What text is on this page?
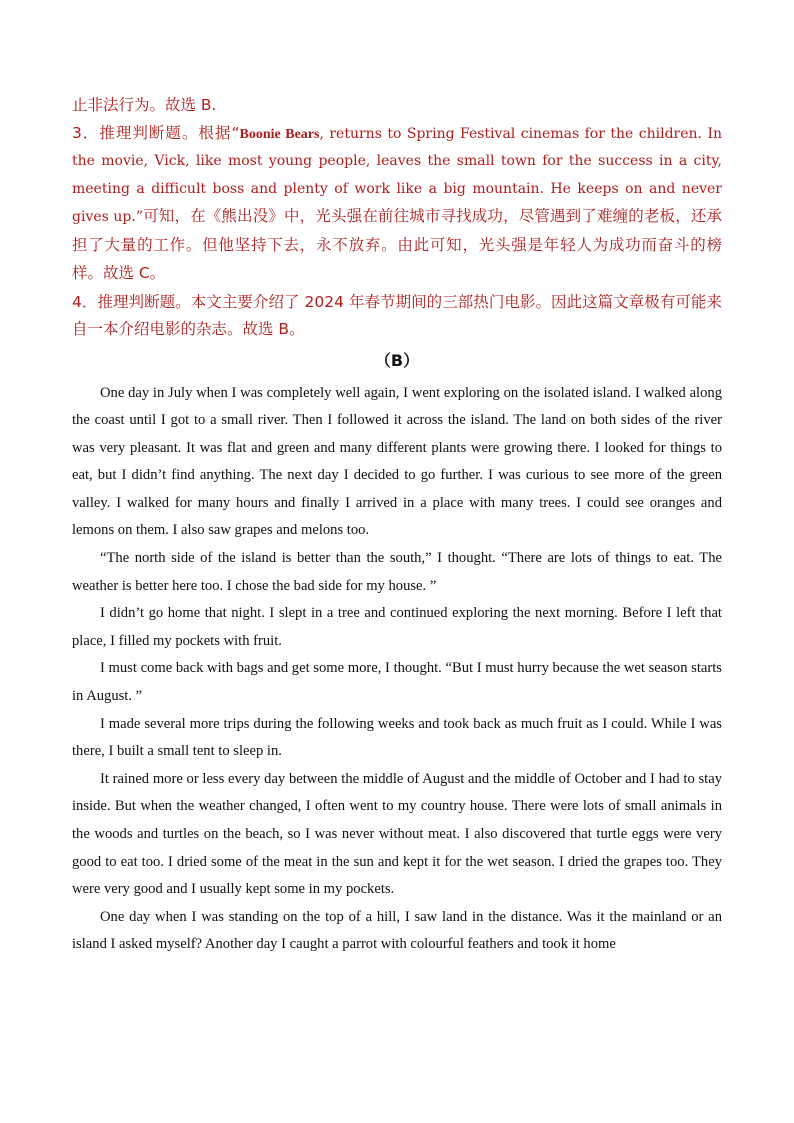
止非法行为。故选 B.

3．推理判断题。根据“Boonie Bears, returns to Spring Festival cinemas for the children. In the movie, Vick, like most young people, leaves the small town for the success in a city, meeting a difficult boss and plenty of work like a big mountain. He keeps on and never gives up.”可知，在《熊出没》中，光头强在前往城市寻找成功，尽管遇到了难缠的老板，还承担了大量的工作。但他坚持下去，永不放弃。由此可知，光头强是年轻人为成功而奋斗的榜样。故选 C。

4．推理判断题。本文主要介绍了 2024 年春节期间的三部热门电影。因此这篇文章极有可能来自一本介绍电影的杂志。故选 B。

（B）

One day in July when I was completely well again, I went exploring on the isolated island. I walked along the coast until I got to a small river. Then I followed it across the island. The land on both sides of the river was very pleasant. It was flat and green and many different plants were growing there. I looked for things to eat, but I didn’t find anything. The next day I decided to go further. I was curious to see more of the green valley. I walked for many hours and finally I arrived in a place with many trees. I could see oranges and lemons on them. I also saw grapes and melons too.

“The north side of the island is better than the south,” I thought. “There are lots of things to eat. The weather is better here too. I chose the bad side for my house. ”

I didn’t go home that night. I slept in a tree and continued exploring the next morning. Before I left that place, I filled my pockets with fruit.

I must come back with bags and get some more, I thought. “But I must hurry because the wet season starts in August. ”

I made several more trips during the following weeks and took back as much fruit as I could. While I was there, I built a small tent to sleep in.

It rained more or less every day between the middle of August and the middle of October and I had to stay inside. But when the weather changed, I often went to my country house. There were lots of small animals in the woods and turtles on the beach, so I was never without meat. I also discovered that turtle eggs were very good to eat too. I dried some of the meat in the sun and kept it for the wet season. I dried the grapes too. They were very good and I usually kept some in my pockets.

One day when I was standing on the top of a hill, I saw land in the distance. Was it the mainland or an island I asked myself? Another day I caught a parrot with colourful feathers and took it home
